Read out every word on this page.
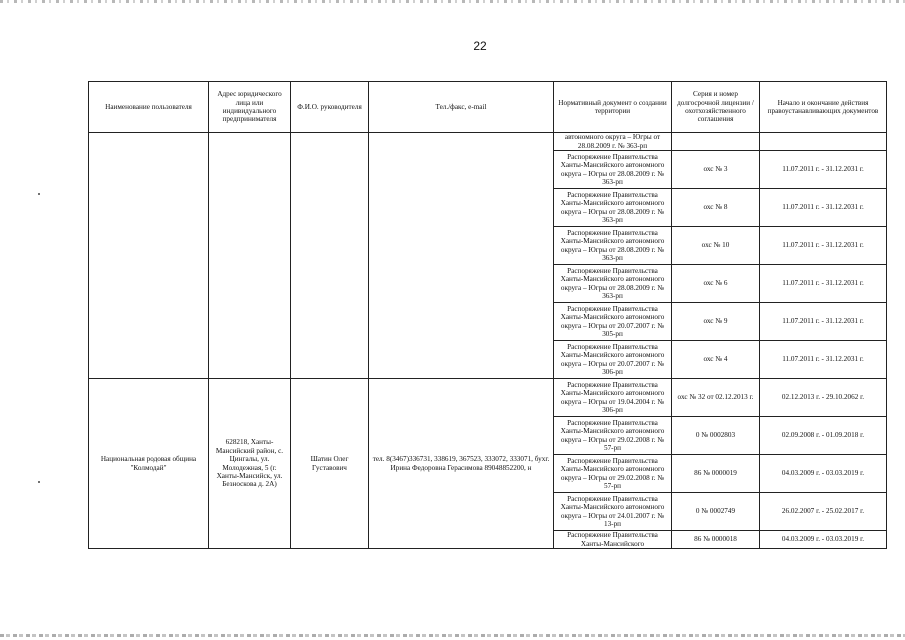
22
Наименование пользователя	Адрес юридического лица или индивидуального предпринимателя	Ф.И.О. руководителя	Тел./факс, e-mail	Нормативный документ о создании территории	Серия и номер долгосрочной лицензии /охотхозяйственного соглашения	Начало и окончание действия правоустанавливающих документов
				автономного округа – Югры от 28.08.2009 г. № 363-рп		
				Распоряжение Правительства Ханты-Мансийского автономного округа – Югры от 28.08.2009 г. № 363-рп	охс № 3	11.07.2011 г. - 31.12.2031 г.
				Распоряжение Правительства Ханты-Мансийского автономного округа – Югры от 28.08.2009 г. № 363-рп	охс № 8	11.07.2011 г. - 31.12.2031 г.
				Распоряжение Правительства Ханты-Мансийского автономного округа – Югры от 28.08.2009 г. № 363-рп	охс № 10	11.07.2011 г. - 31.12.2031 г.
				Распоряжение Правительства Ханты-Мансийского автономного округа – Югры от 28.08.2009 г. № 363-рп	охс № 6	11.07.2011 г. - 31.12.2031 г.
				Распоряжение Правительства Ханты-Мансийского автономного округа – Югры от 20.07.2007 г. № 305-рп	охс № 9	11.07.2011 г. - 31.12.2031 г.
				Распоряжение Правительства Ханты-Мансийского автономного округа – Югры от 20.07.2007 г. № 306-рп	охс № 4	11.07.2011 г. - 31.12.2031 г.
Национальная родовая община "Колмодай"	628218, Ханты-Мансийский район, с. Цингалы, ул. Молодежная, 5 (г. Ханты-Мансийск, ул. Безноскова д. 2А)	Шатин Олег Густавович	тел. 8(3467)336731, 338619, 367523, 333072, 333071, бухг. Ирина Федоровна Герасимова 89048852200, н	Распоряжение Правительства Ханты-Мансийского автономного округа – Югры от 19.04.2004 г. № 306-рп	охс № 32 от 02.12.2013 г.	02.12.2013 г. - 29.10.2062 г.
				Распоряжение Правительства Ханты-Мансийского автономного округа – Югры от 29.02.2008 г. № 57-рп	0 № 0002803	02.09.2008 г. - 01.09.2018 г.
				Распоряжение Правительства Ханты-Мансийского автономного округа – Югры от 29.02.2008 г. № 57-рп	86 № 0000019	04.03.2009 г. - 03.03.2019 г.
				Распоряжение Правительства Ханты-Мансийского автономного округа – Югры от 24.01.2007 г. № 13-рп	0 № 0002749	26.02.2007 г. - 25.02.2017 г.
				Распоряжение Правительства Ханты-Мансийского	86 № 0000018	04.03.2009 г. - 03.03.2019 г.
